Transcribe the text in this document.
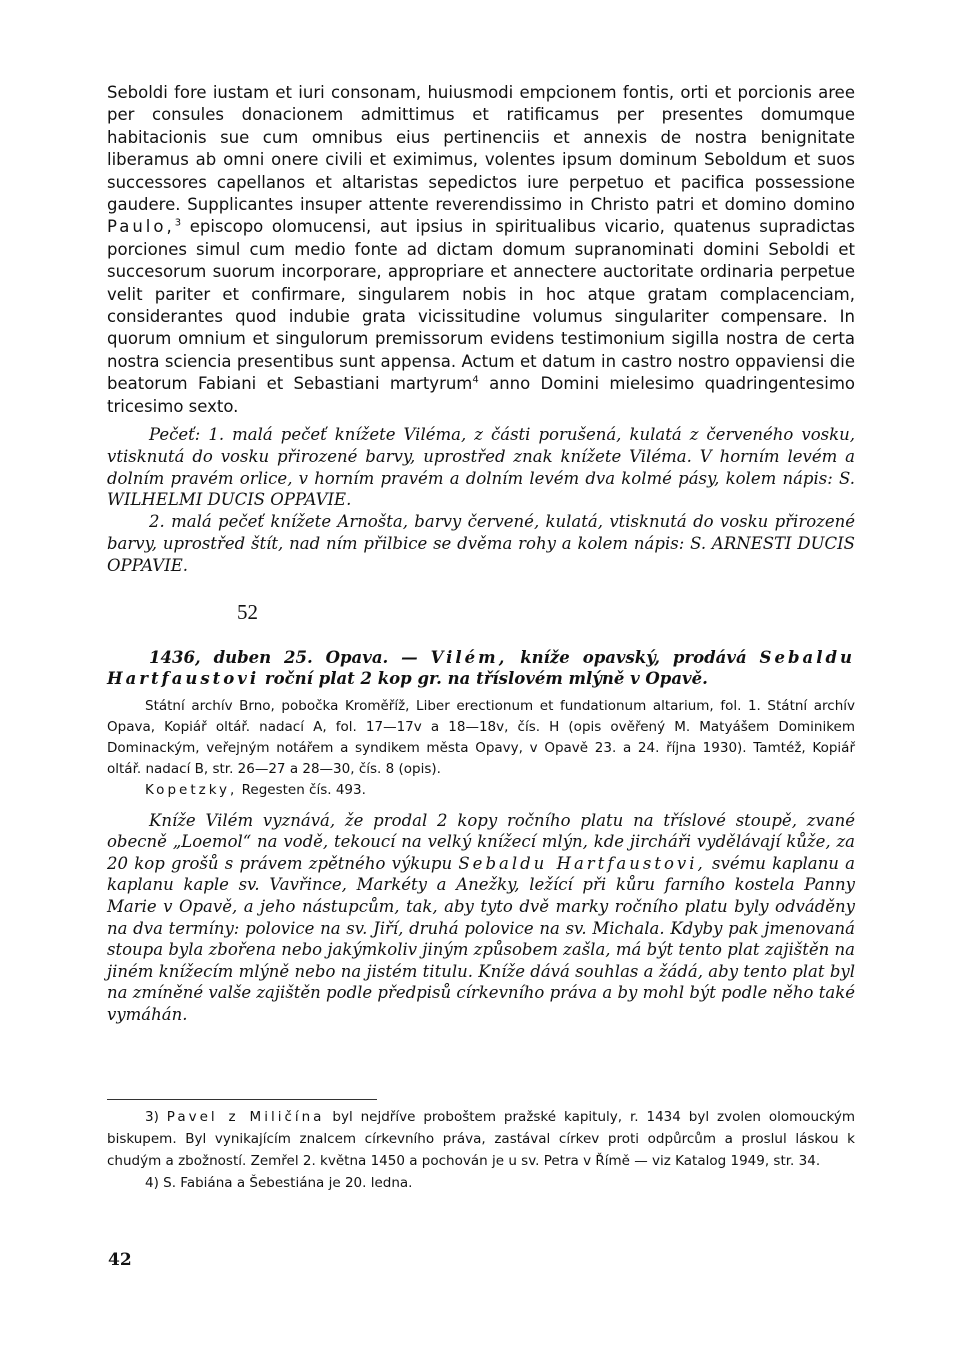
Seboldi fore iustam et iuri consonam, huiusmodi empcionem fontis, orti et porcionis aree per consules donacionem admittimus et ratificamus per presentes domumque habitacionis sue cum omnibus eius pertinenciis et annexis de nostra benignitate liberamus ab omni onere civili et eximimus, volentes ipsum dominum Seboldum et suos successores capellanos et altaristas sepedictos iure perpetuo et pacifica possessione gaudere. Supplicantes insuper attente reverendissimo in Christo patri et domino domino Paulo,$^3$ episcopo olomucensi, aut ipsius in spiritualibus vicario, quatenus supradictas porciones simul cum medio fonte ad dictam domum supranominati domini Seboldi et succesorum suorum incorporare, appropriare et annectere auctoritate ordinaria perpetue velit pariter et confirmare, singularem nobis in hoc atque gratam complacenciam, considerantes quod indubie grata vicissitudine volumus singulariter compensare. In quorum omnium et singulorum premissorum evidens testimonium sigilla nostra de certa nostra sciencia presentibus sunt appensa. Actum et datum in castro nostro oppaviensi die beatorum Fabiani et Sebastiani martyrum$^4$ anno Domini mielesimo quadringentesimo tricesimo sexto.

Pečeť: 1. malá pečeť knížete Viléma, z části porušená, kulatá z červeného vosku, vtisknutá do vosku přirozené barvy, uprostřed znak knížete Viléma. V horním levém a dolním pravém orlice, v horním pravém a dolním levém dva kolmé pásy, kolem nápis: S. WILHELMI DUCIS OPPAVIE.

2. malá pečeť knížete Arnošta, barvy červené, kulatá, vtisknutá do vosku přirozené barvy, uprostřed štít, nad ním přilbice se dvěma rohy a kolem nápis: S. ARNESTI DUCIS OPPAVIE.

52

1436, duben 25. Opava. — Vilém, kníže opavský, prodává Sebaldu Hartfaustovi roční plat 2 kop gr. na tříslovém mlýně v Opavě.

Státní archív Brno, pobočka Kroměříž, Liber erectionum et fundationum altarium, fol. 1. Státní archív Opava, Kopiář oltář. nadací A, fol. 17—17v a 18—18v, čís. H (opis ověřený M. Matyášem Dominikem Dominackým, veřejným notářem a syndikem města Opavy, v Opavě 23. a 24. října 1930). Tamtéž, Kopiář oltář. nadací B, str. 26—27 a 28—30, čís. 8 (opis).

Kopetzky, Regesten čís. 493.

Kníže Vilém vyznává, že prodal 2 kopy ročního platu na tříslové stoupě, zvané obecně „Loemol“ na vodě, tekoucí na velký knížecí mlýn, kde jircháři vydělávají kůže, za 20 kop grošů s právem zpětného výkupu Sebaldu Hartfaustovi, svému kaplanu a kaplanu kaple sv. Vavřince, Markéty a Anežky, ležící při kůru farního kostela Panny Marie v Opavě, a jeho nástupcům, tak, aby tyto dvě marky ročního platu byly odváděny na dva termíny: polovice na sv. Jiří, druhá polovice na sv. Michala. Kdyby pak jmenovaná stoupa byla zbořena nebo jakýmkoliv jiným způsobem zašla, má být tento plat zajištěn na jiném knížecím mlýně nebo na jistém titulu. Kníže dává souhlas a žádá, aby tento plat byl na zmíněné valše zajištěn podle předpisů církevního práva a by mohl být podle něho také vymáhán.

3) Pavel z Miličína byl nejdříve proboštem pražské kapituly, r. 1434 byl zvolen olomouckým biskupem. Byl vynikajícím znalcem církevního práva, zastával církev proti odpůrcům a proslul láskou k chudým a zbožností. Zemřel 2. května 1450 a pochován je u sv. Petra v Římě — viz Katalog 1949, str. 34.

4) S. Fabiána a Šebestiána je 20. ledna.

42
